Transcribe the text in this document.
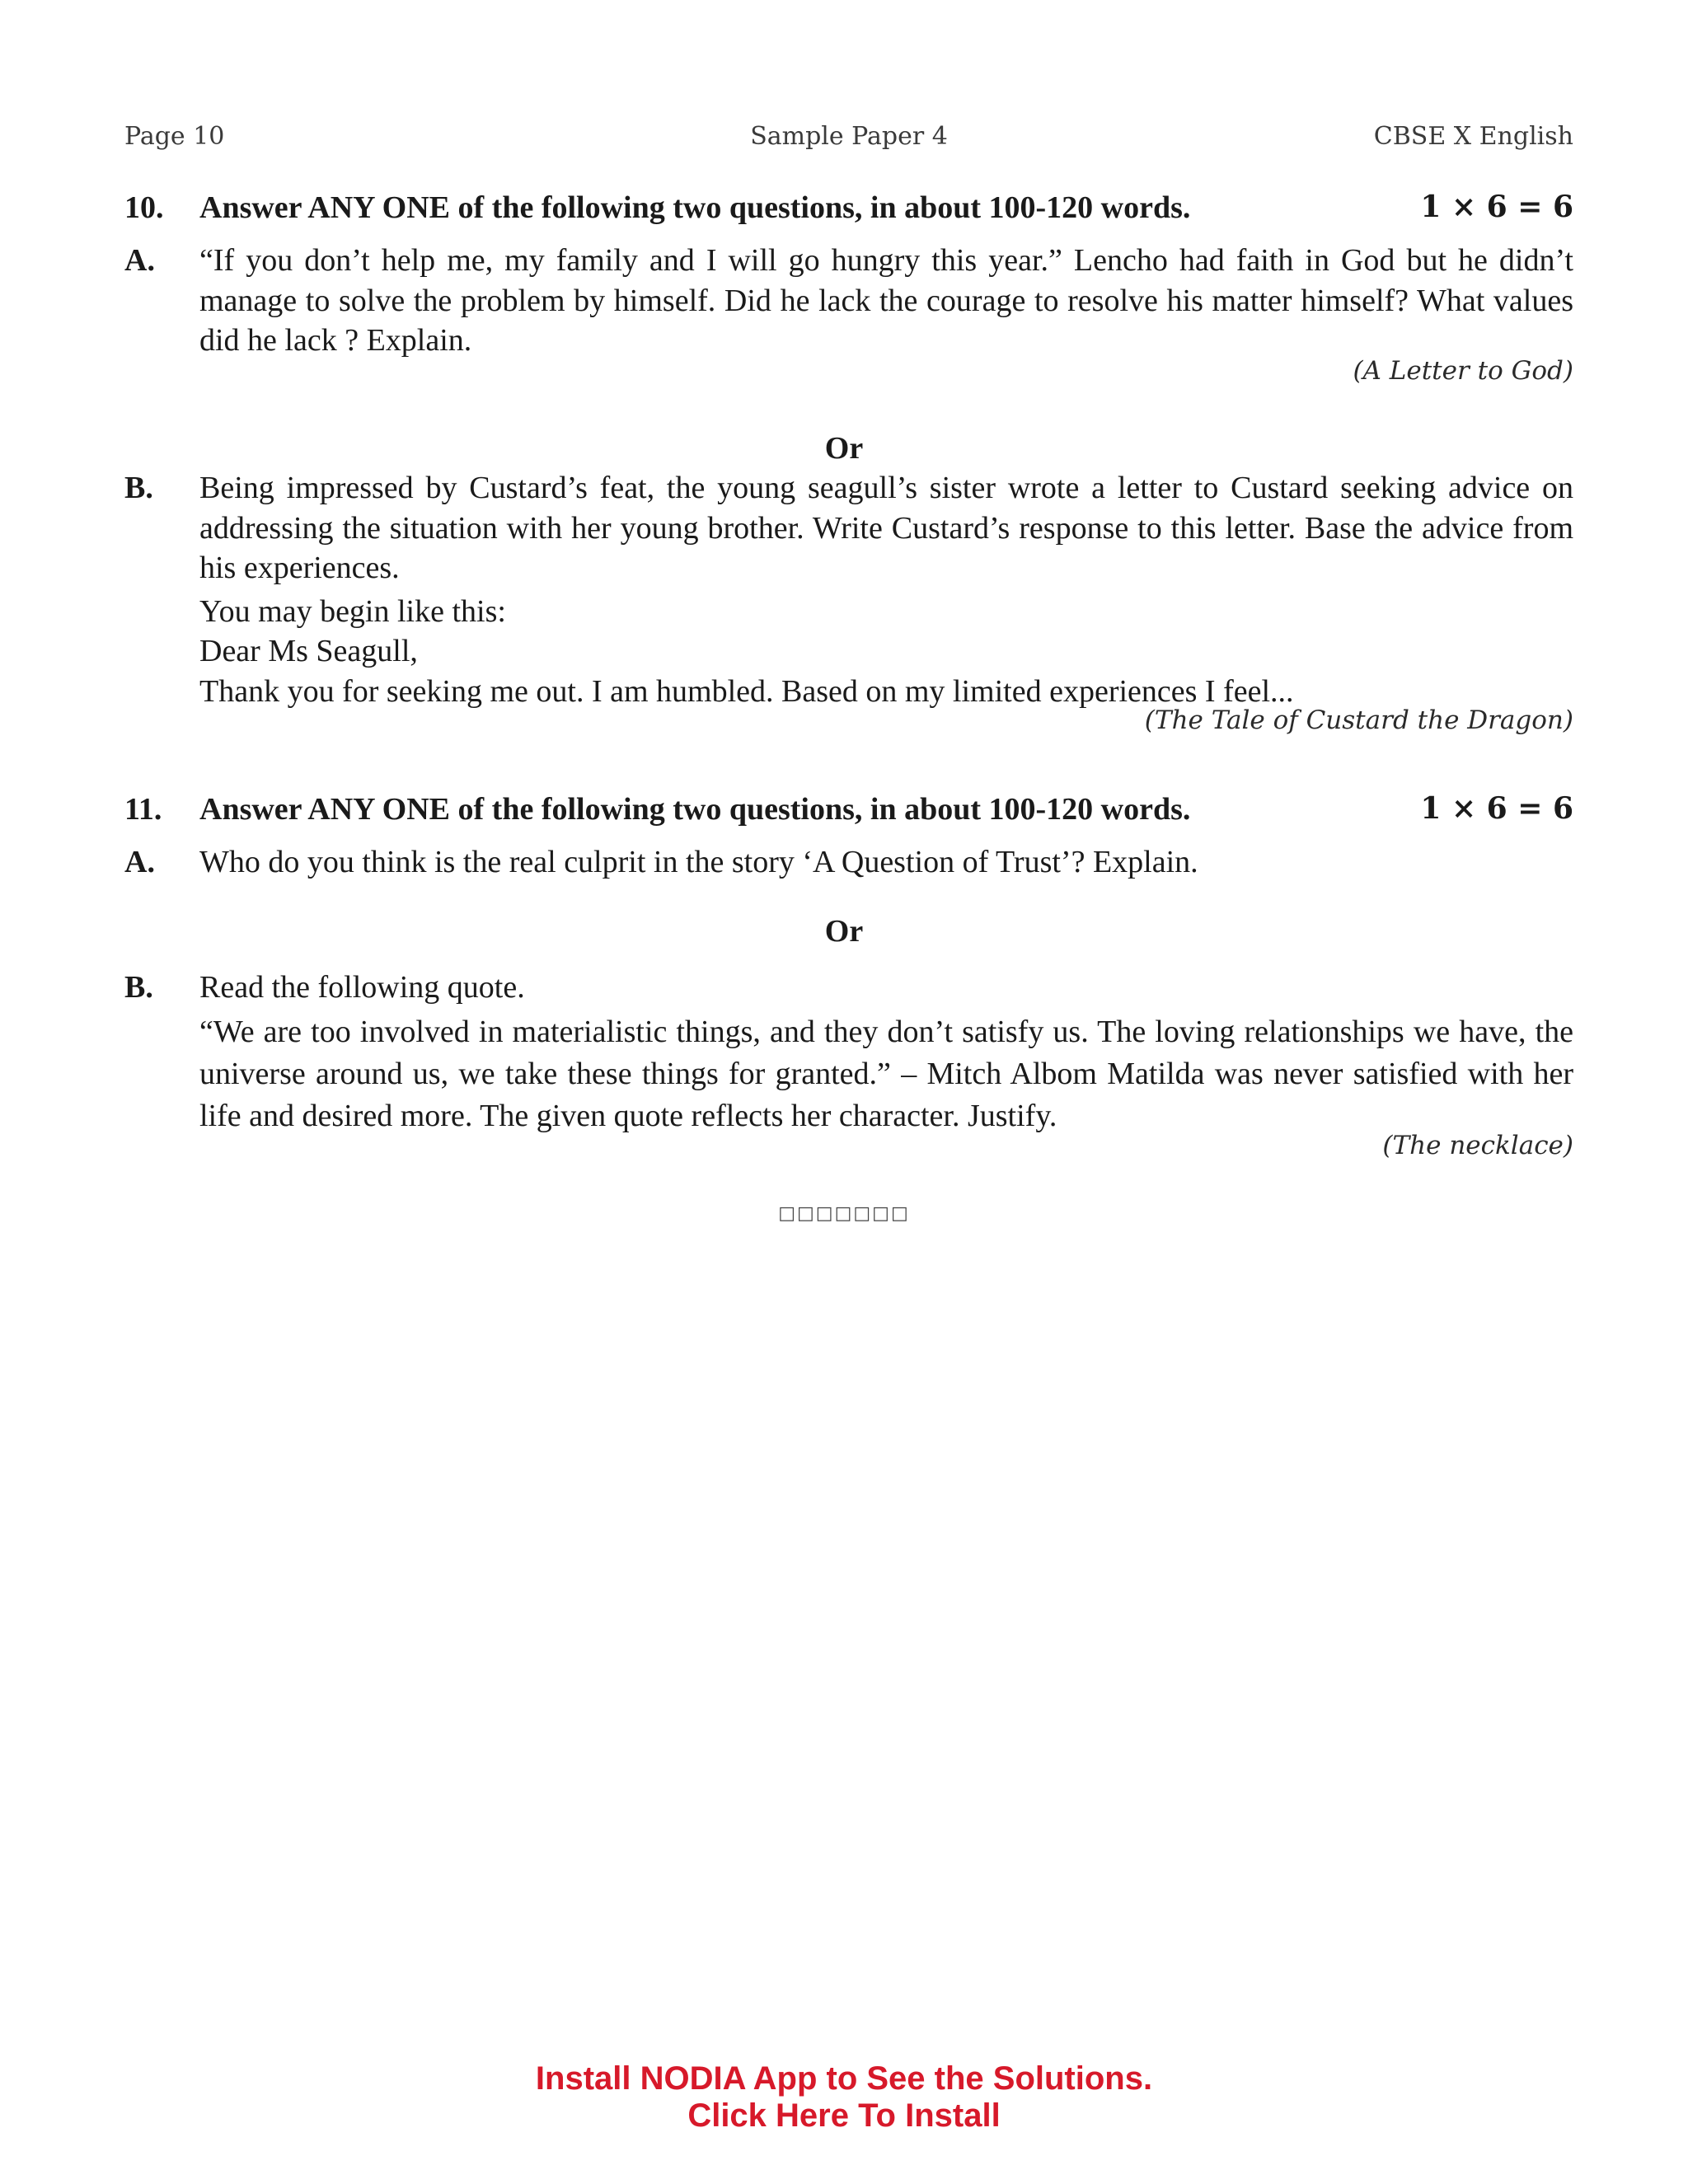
Page 10	Sample Paper 4	CBSE X English
10. Answer ANY ONE of the following two questions, in about 100-120 words.	1 × 6 = 6
A. “If you don’t help me, my family and I will go hungry this year.” Lencho had faith in God but he didn’t manage to solve the problem by himself. Did he lack the courage to resolve his matter himself? What values did he lack ? Explain.

(A Letter to God)
Or
B. Being impressed by Custard’s feat, the young seagull’s sister wrote a letter to Custard seeking advice on addressing the situation with her young brother. Write Custard’s response to this letter. Base the advice from his experiences.

You may begin like this:

Dear Ms Seagull,

Thank you for seeking me out. I am humbled. Based on my limited experiences I feel...

(The Tale of Custard the Dragon)
11. Answer ANY ONE of the following two questions, in about 100-120 words.	1 × 6 = 6
A. Who do you think is the real culprit in the story ‘A Question of Trust’? Explain.

Or
B. Read the following quote.

“We are too involved in materialistic things, and they don’t satisfy us. The loving relationships we have, the universe around us, we take these things for granted.” – Mitch Albom Matilda was never satisfied with her life and desired more. The given quote reflects her character. Justify.

(The necklace)
□□□□□□□
Install NODIA App to See the Solutions.
Click Here To Install
